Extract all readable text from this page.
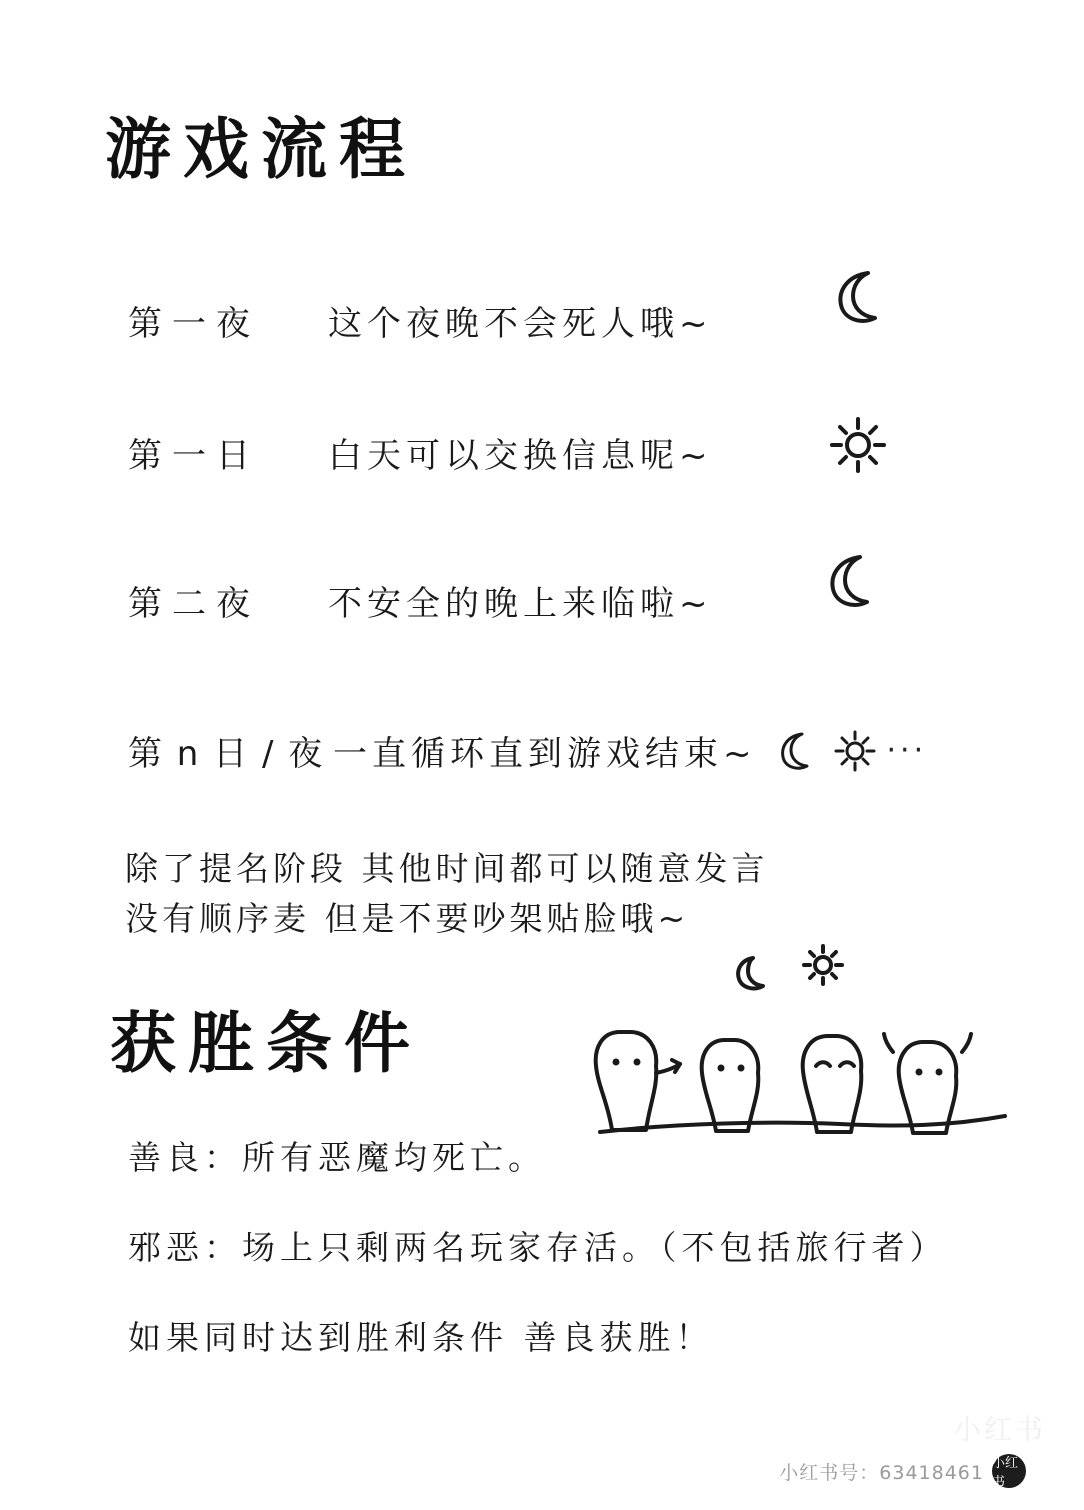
游戏流程
第一夜	这个夜晚不会死人哦~
第一日	白天可以交换信息呢~
第二夜	不安全的晚上来临啦~
第 n 日 / 夜 一直循环直到游戏结束~	···
除了提名阶段 其他时间都可以随意发言
没有顺序麦 但是不要吵架贴脸哦~
获胜条件
善良：所有恶魔均死亡。
邪恶：场上只剩两名玩家存活。（不包括旅行者）
如果同时达到胜利条件 善良获胜！
小红书
小红书号：63418461 小红书
